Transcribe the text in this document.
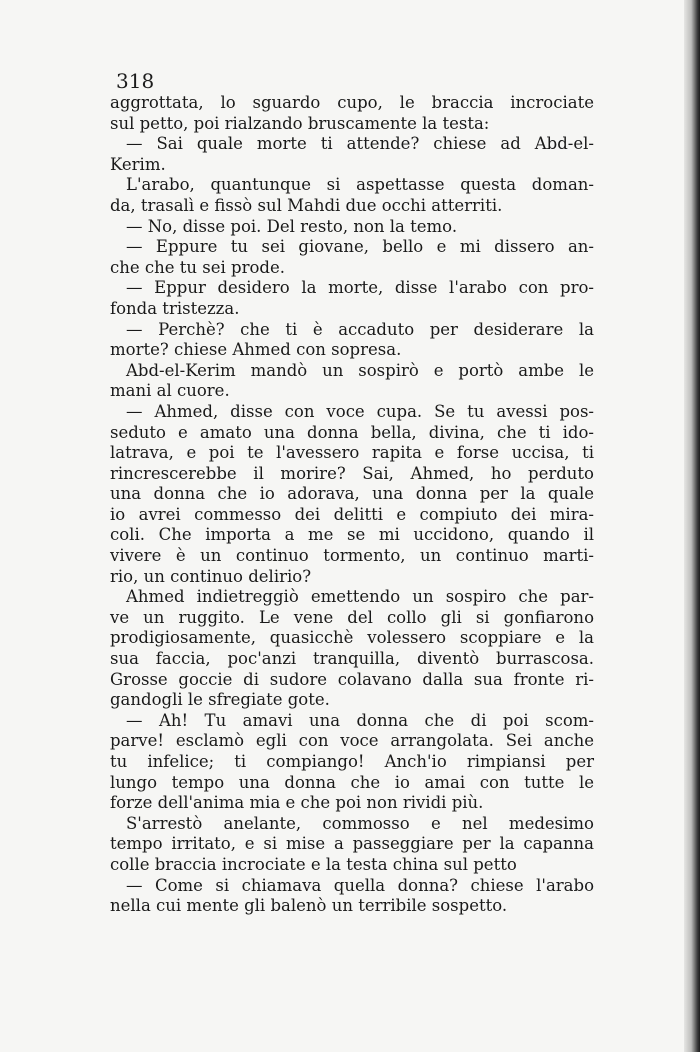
318
aggrottata, lo sguardo cupo, le braccia incrociate
sul petto, poi rialzando bruscamente la testa:
— Sai quale morte ti attende? chiese ad Abd-el-
Kerim.
L'arabo, quantunque si aspettasse questa doman-
da, trasalì e fissò sul Mahdi due occhi atterriti.
— No, disse poi. Del resto, non la temo.
— Eppure tu sei giovane, bello e mi dissero an-
che che tu sei prode.
— Eppur desidero la morte, disse l'arabo con pro-
fonda tristezza.
— Perchè? che ti è accaduto per desiderare la
morte? chiese Ahmed con sopresa.
Abd-el-Kerim mandò un sospirò e portò ambe le
mani al cuore.
— Ahmed, disse con voce cupa. Se tu avessi pos-
seduto e amato una donna bella, divina, che ti ido-
latrava, e poi te l'avessero rapita e forse uccisa, ti
rincrescerebbe il morire? Sai, Ahmed, ho perduto
una donna che io adorava, una donna per la quale
io avrei commesso dei delitti e compiuto dei mira-
coli. Che importa a me se mi uccidono, quando il
vivere è un continuo tormento, un continuo marti-
rio, un continuo delirio?
Ahmed indietreggiò emettendo un sospiro che par-
ve un ruggito. Le vene del collo gli si gonfiarono
prodigiosamente, quasicchè volessero scoppiare e la
sua faccia, poc'anzi tranquilla, diventò burrascosa.
Grosse goccie di sudore colavano dalla sua fronte ri-
gandogli le sfregiate gote.
— Ah! Tu amavi una donna che di poi scom-
parve! esclamò egli con voce arrangolata. Sei anche
tu infelice; ti compiango! Anch'io rimpiansi per
lungo tempo una donna che io amai con tutte le
forze dell'anima mia e che poi non rividi più.
S'arrestò anelante, commosso e nel medesimo
tempo irritato, e si mise a passeggiare per la capanna
colle braccia incrociate e la testa china sul petto
— Come si chiamava quella donna? chiese l'arabo
nella cui mente gli balenò un terribile sospetto.
